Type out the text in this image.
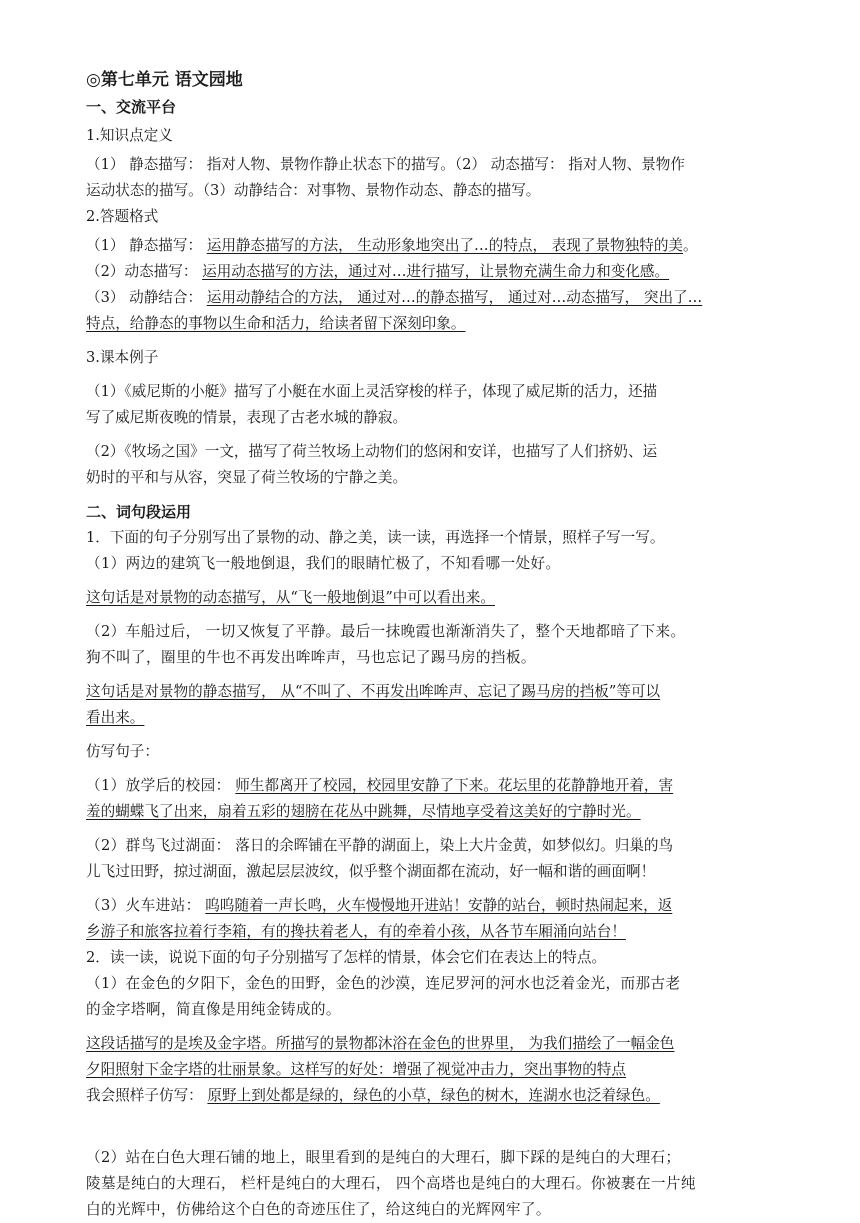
◎第七单元 语文园地
一、交流平台
1.知识点定义
（1） 静态描写： 指对人物、景物作静止状态下的描写。（2） 动态描写： 指对人物、景物作
运动状态的描写。（3）动静结合：对事物、景物作动态、静态的描写。
2.答题格式
（1） 静态描写： 运用静态描写的方法， 生动形象地突出了…的特点， 表现了景物独特的美。
（2）动态描写： 运用动态描写的方法，通过对…进行描写，让景物充满生命力和变化感。
（3） 动静结合： 运用动静结合的方法， 通过对…的静态描写， 通过对…动态描写， 突出了…
特点，给静态的事物以生命和活力，给读者留下深刻印象。
3.课本例子
（1）《威尼斯的小艇》描写了小艇在水面上灵活穿梭的样子，体现了威尼斯的活力，还描
写了威尼斯夜晚的情景，表现了古老水城的静寂。
（2）《牧场之国》一文，描写了荷兰牧场上动物们的悠闲和安详，也描写了人们挤奶、运
奶时的平和与从容，突显了荷兰牧场的宁静之美。
二、词句段运用
1．下面的句子分别写出了景物的动、静之美，读一读，再选择一个情景，照样子写一写。
（1）两边的建筑飞一般地倒退，我们的眼睛忙极了，不知看哪一处好。
这句话是对景物的动态描写，从“飞一般地倒退”中可以看出来。
（2）车船过后， 一切又恢复了平静。最后一抹晚霞也渐渐消失了，整个天地都暗了下来。
狗不叫了，圈里的牛也不再发出哞哞声，马也忘记了踢马房的挡板。
这句话是对景物的静态描写， 从“不叫了、不再发出哞哞声、忘记了踢马房的挡板”等可以
看出来。
仿写句子：
（1）放学后的校园： 师生都离开了校园，校园里安静了下来。花坛里的花静静地开着，害
羞的蝴蝶飞了出来，扇着五彩的翅膀在花丛中跳舞，尽情地享受着这美好的宁静时光。
（2）群鸟飞过湖面： 落日的余晖铺在平静的湖面上，染上大片金黄，如梦似幻。归巢的鸟
儿飞过田野，掠过湖面，激起层层波纹，似乎整个湖面都在流动，好一幅和谐的画面啊！
（3）火车进站： 呜呜随着一声长鸣，火车慢慢地开进站！安静的站台，顿时热闹起来，返
乡游子和旅客拉着行李箱，有的搀扶着老人，有的牵着小孩，从各节车厢涌向站台！
2．读一读，说说下面的句子分别描写了怎样的情景，体会它们在表达上的特点。
（1）在金色的夕阳下，金色的田野，金色的沙漠，连尼罗河的河水也泛着金光，而那古老
的金字塔啊，简直像是用纯金铸成的。
这段话描写的是埃及金字塔。所描写的景物都沐浴在金色的世界里， 为我们描绘了一幅金色
夕阳照射下金字塔的壮丽景象。这样写的好处：增强了视觉冲击力，突出事物的特点
我会照样子仿写： 原野上到处都是绿的，绿色的小草，绿色的树木，连湖水也泛着绿色。
（2）站在白色大理石铺的地上，眼里看到的是纯白的大理石，脚下踩的是纯白的大理石；
陵墓是纯白的大理石， 栏杆是纯白的大理石， 四个高塔也是纯白的大理石。你被裹在一片纯
白的光辉中，仿佛给这个白色的奇迹压住了，给这纯白的光辉网牢了。
